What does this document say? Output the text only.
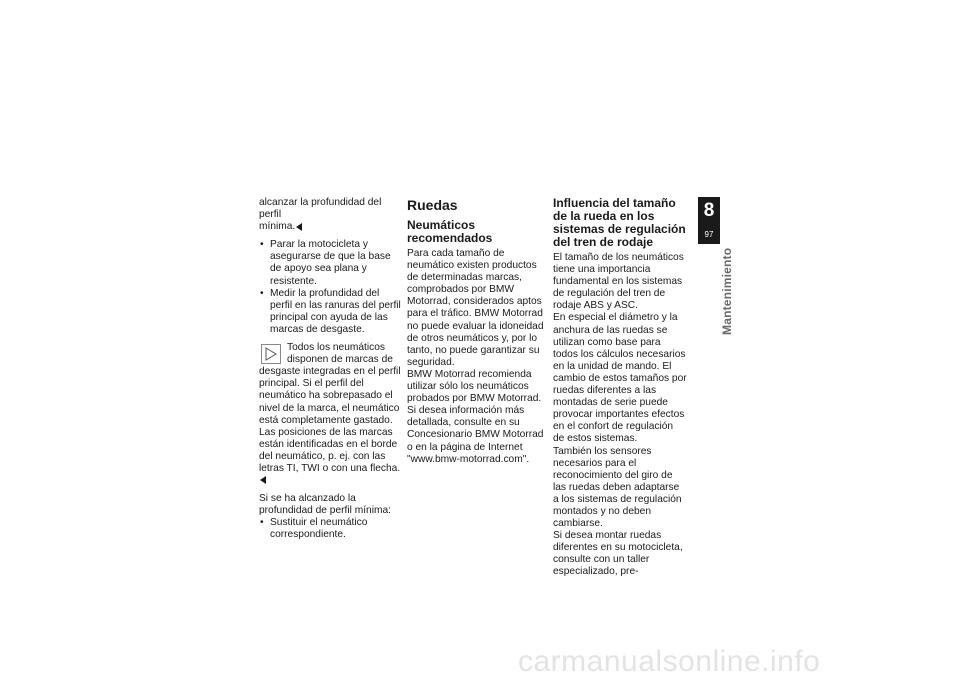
alcanzar la profundidad del perfil

mínima.

• Parar la motocicleta y asegurarse de que la base de apoyo sea plana y resistente.
• Medir la profundidad del perfil en las ranuras del perfil principal con ayuda de las marcas de desgaste.

Todos los neumáticos disponen de marcas de desgaste integradas en el perfil principal. Si el perfil del neumático ha sobrepasado el nivel de la marca, el neumático está completamente gastado. Las posiciones de las marcas están identificadas en el borde del neumático, p. ej. con las letras TI, TWI o con una flecha.

Si se ha alcanzado la profundidad de perfil mínima:

• Sustituir el neumático correspondiente.
Ruedas
Neumáticos recomendados

Para cada tamaño de neumático existen productos de determinadas marcas, comprobados por BMW Motorrad, considerados aptos para el tráfico. BMW Motorrad no puede evaluar la idoneidad de otros neumáticos y, por lo tanto, no puede garantizar su seguridad.

BMW Motorrad recomienda utilizar sólo los neumáticos probados por BMW Motorrad.

Si desea información más detallada, consulte en su Concesionario BMW Motorrad o en la página de Internet "www.bmw-motorrad.com".

Influencia del tamaño de la rueda en los sistemas de regulación del tren de rodaje

El tamaño de los neumáticos tiene una importancia fundamental en los sistemas de regulación del tren de rodaje ABS y ASC.

En especial el diámetro y la anchura de las ruedas se utilizan como base para todos los cálculos necesarios en la unidad de mando. El cambio de estos tamaños por ruedas diferentes a las montadas de serie puede provocar importantes efectos en el confort de regulación de estos sistemas.

También los sensores necesarios para el reconocimiento del giro de las ruedas deben adaptarse a los sistemas de regulación montados y no deben cambiarse.

Si desea montar ruedas diferentes en su motocicleta, consulte con un taller especializado, pre-

8
97
Mantenimiento
carmanualsonline.info
